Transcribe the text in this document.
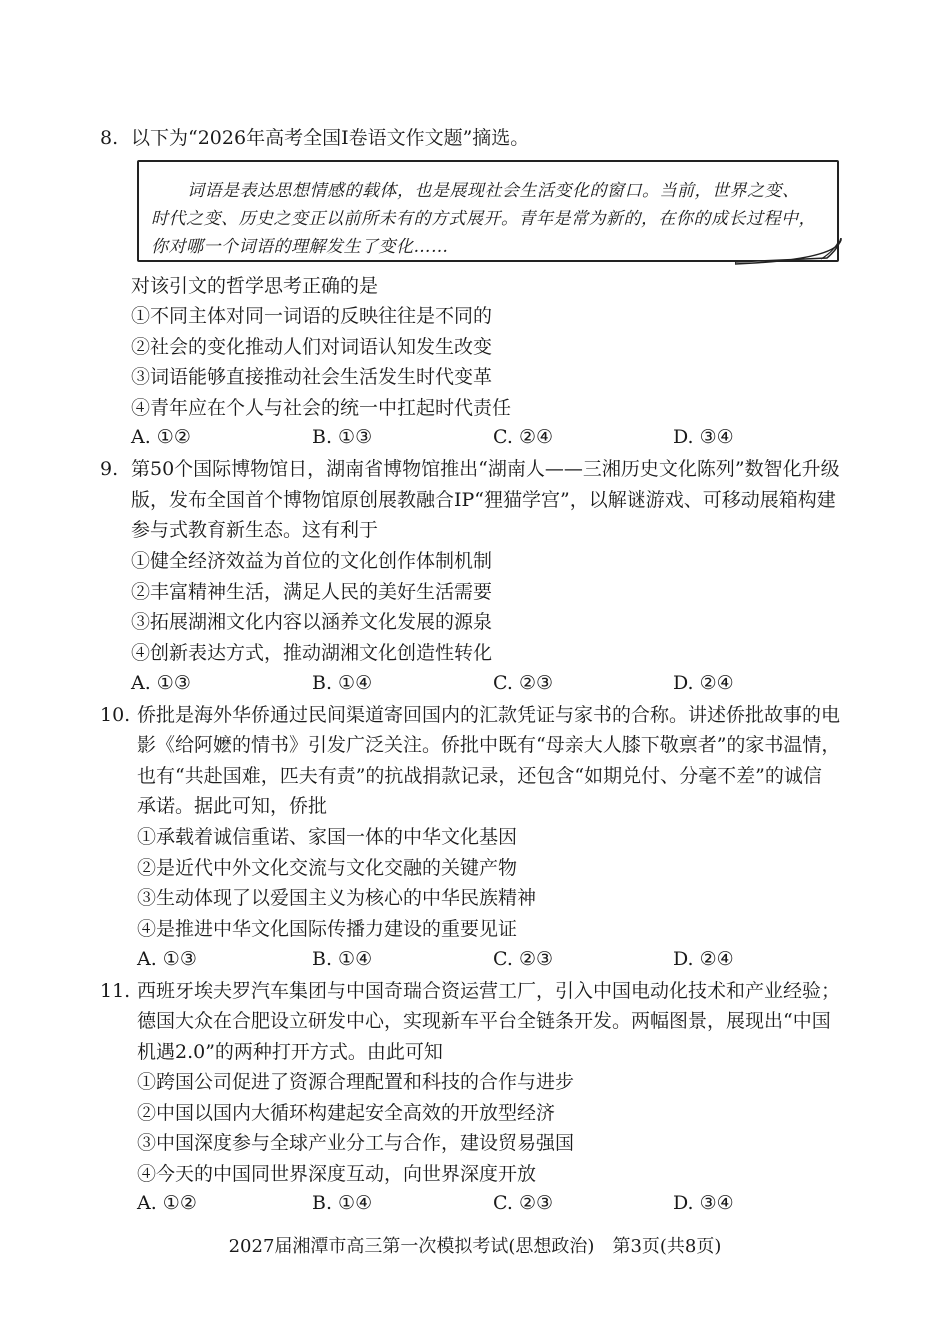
8. 以下为“2026年高考全国Ⅰ卷语文作文题”摘选。
词语是表达思想情感的载体，也是展现社会生活变化的窗口。当前，世界之变、
时代之变、历史之变正以前所未有的方式展开。青年是常为新的，在你的成长过程中，
你对哪一个词语的理解发生了变化……
对该引文的哲学思考正确的是
①不同主体对同一词语的反映往往是不同的
②社会的变化推动人们对词语认知发生改变
③词语能够直接推动社会生活发生时代变革
④青年应在个人与社会的统一中扛起时代责任
A. ①②	B. ①③	C. ②④	D. ③④
9. 第50个国际博物馆日，湖南省博物馆推出“湖南人——三湘历史文化陈列”数智化升级
版，发布全国首个博物馆原创展教融合IP“狸猫学宫”，以解谜游戏、可移动展箱构建
参与式教育新生态。这有利于
①健全经济效益为首位的文化创作体制机制
②丰富精神生活，满足人民的美好生活需要
③拓展湖湘文化内容以涵养文化发展的源泉
④创新表达方式，推动湖湘文化创造性转化
A. ①③	B. ①④	C. ②③	D. ②④
10. 侨批是海外华侨通过民间渠道寄回国内的汇款凭证与家书的合称。讲述侨批故事的电
影《给阿嬷的情书》引发广泛关注。侨批中既有“母亲大人膝下敬禀者”的家书温情，
也有“共赴国难，匹夫有责”的抗战捐款记录，还包含“如期兑付、分毫不差”的诚信
承诺。据此可知，侨批
①承载着诚信重诺、家国一体的中华文化基因
②是近代中外文化交流与文化交融的关键产物
③生动体现了以爱国主义为核心的中华民族精神
④是推进中华文化国际传播力建设的重要见证
A. ①③	B. ①④	C. ②③	D. ②④
11. 西班牙埃夫罗汽车集团与中国奇瑞合资运营工厂，引入中国电动化技术和产业经验；
德国大众在合肥设立研发中心，实现新车平台全链条开发。两幅图景，展现出“中国
机遇2.0”的两种打开方式。由此可知
①跨国公司促进了资源合理配置和科技的合作与进步
②中国以国内大循环构建起安全高效的开放型经济
③中国深度参与全球产业分工与合作，建设贸易强国
④今天的中国同世界深度互动，向世界深度开放
A. ①②	B. ①④	C. ②③	D. ③④
2027届湘潭市高三第一次模拟考试(思想政治)　第3页(共8页)
